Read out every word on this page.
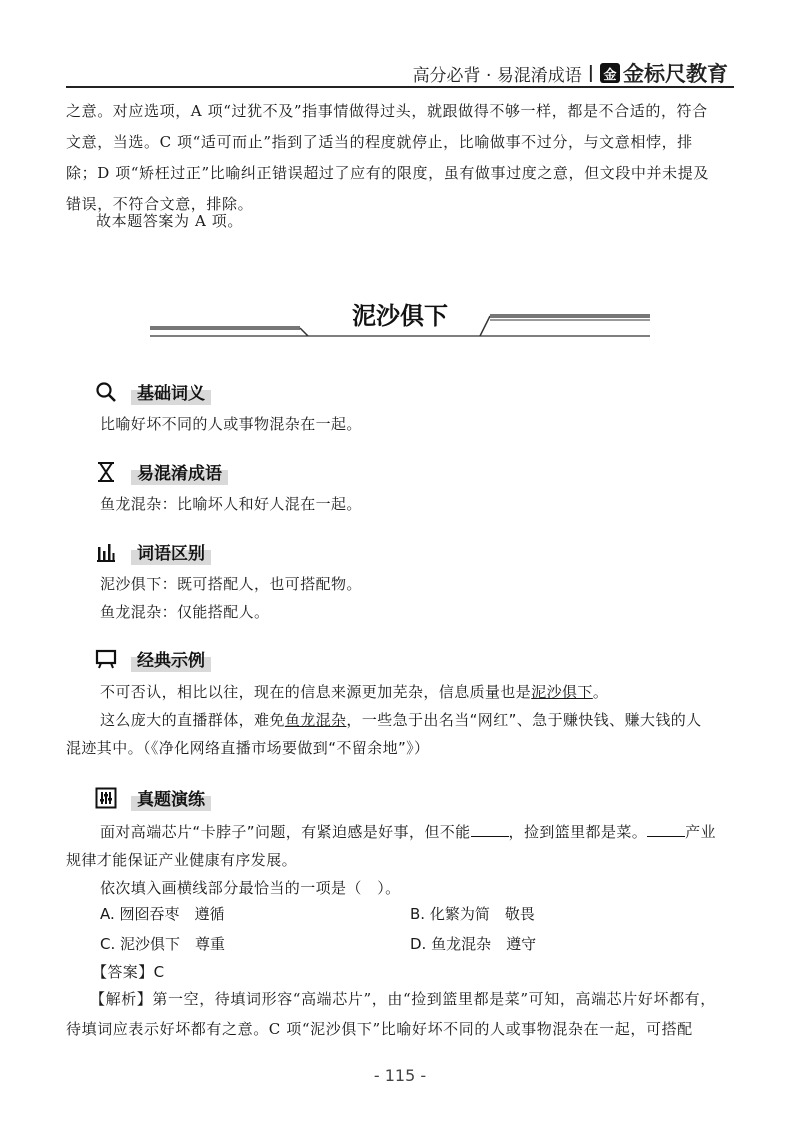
高分必背 · 易混淆成语 | 金 金标尺教育
之意。对应选项，A 项“过犹不及”指事情做得过头，就跟做得不够一样，都是不合适的，符合文意，当选。C 项“适可而止”指到了适当的程度就停止，比喻做事不过分，与文意相悖，排除；D 项“矫枉过正”比喻纠正错误超过了应有的限度，虽有做事过度之意，但文段中并未提及错误，不符合文意，排除。
故本题答案为 A 项。
泥沙俱下
基础词义
比喻好坏不同的人或事物混杂在一起。
易混淆成语
鱼龙混杂：比喻坏人和好人混在一起。
词语区别
泥沙俱下：既可搭配人，也可搭配物。
鱼龙混杂：仅能搭配人。
经典示例
不可否认，相比以往，现在的信息来源更加芜杂，信息质量也是泥沙俱下。
这么庞大的直播群体，难免鱼龙混杂，一些急于出名当“网红”、急于赚快钱、赚大钱的人混迹其中。（《净化网络直播市场要做到“不留余地”》）
真题演练
面对高端芯片“卡脖子”问题，有紧迫感是好事，但不能	，捡到篮里都是菜。	产业规律才能保证产业健康有序发展。
依次填入画横线部分最恰当的一项是（　）。
A. 囫囵吞枣　遵循	B. 化繁为简　敬畏
C. 泥沙俱下　尊重	D. 鱼龙混杂　遵守
【答案】C
【解析】第一空，待填词形容“高端芯片”，由“捡到篮里都是菜”可知，高端芯片好坏都有，待填词应表示好坏都有之意。C 项“泥沙俱下”比喻好坏不同的人或事物混杂在一起，可搭配
- 115 -
